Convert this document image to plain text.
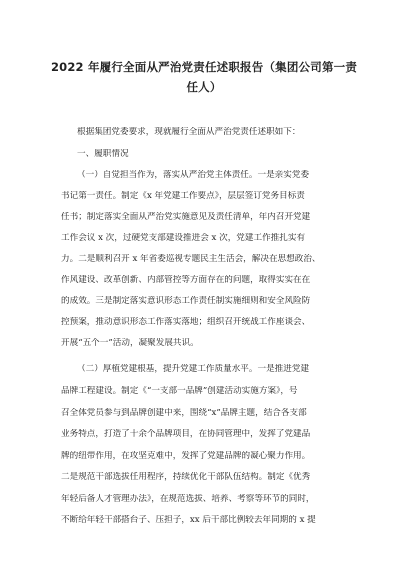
2022 年履行全面从严治党责任述职报告（集团公司第一责
任人）
根据集团党委要求，现就履行全面从严治党责任述职如下：
一、履职情况
（一）自觉担当作为，落实从严治党主体责任。一是亲实党委
书记第一责任。制定《x 年党建工作要点》，层层签订党务目标责
任书；制定落实全面从严治党实施意见及责任清单，年内召开党建
工作会议 x 次，过硬党支部建设推进会 x 次，党建工作推扎实有
力。二是顺利召开 x 年省委巡视专题民主生活会，解决在思想政治、
作风建设、改革创新、内部管控等方面存在的问题，取得实实在在
的成效。三是制定落实意识形态工作责任制实施细则和安全风险防
控预案，推动意识形态工作落实落地；组织召开统战工作座谈会、
开展“五个一”活动，凝聚发展共识。
（二）厚植党建根基，提升党建工作质量水平。一是推进党建
品牌工程建设。制定《“一支部一品牌”创建活动实施方案》，号
召全体党员参与到品牌创建中来，围绕“x”品牌主题，结合各支部
业务特点，打造了十余个品牌项目，在协同管理中，发挥了党建品
牌的纽带作用，在攻坚克难中，发挥了党建品牌的凝心聚力作用。
二是规范干部选拔任用程序，持续优化干部队伍结构。制定《优秀
年轻后备人才管理办法》，在规范选拔、培养、考察等环节的同时，
不断给年轻干部搭台子、压担子，xx 后干部比例较去年同期的 x 提
